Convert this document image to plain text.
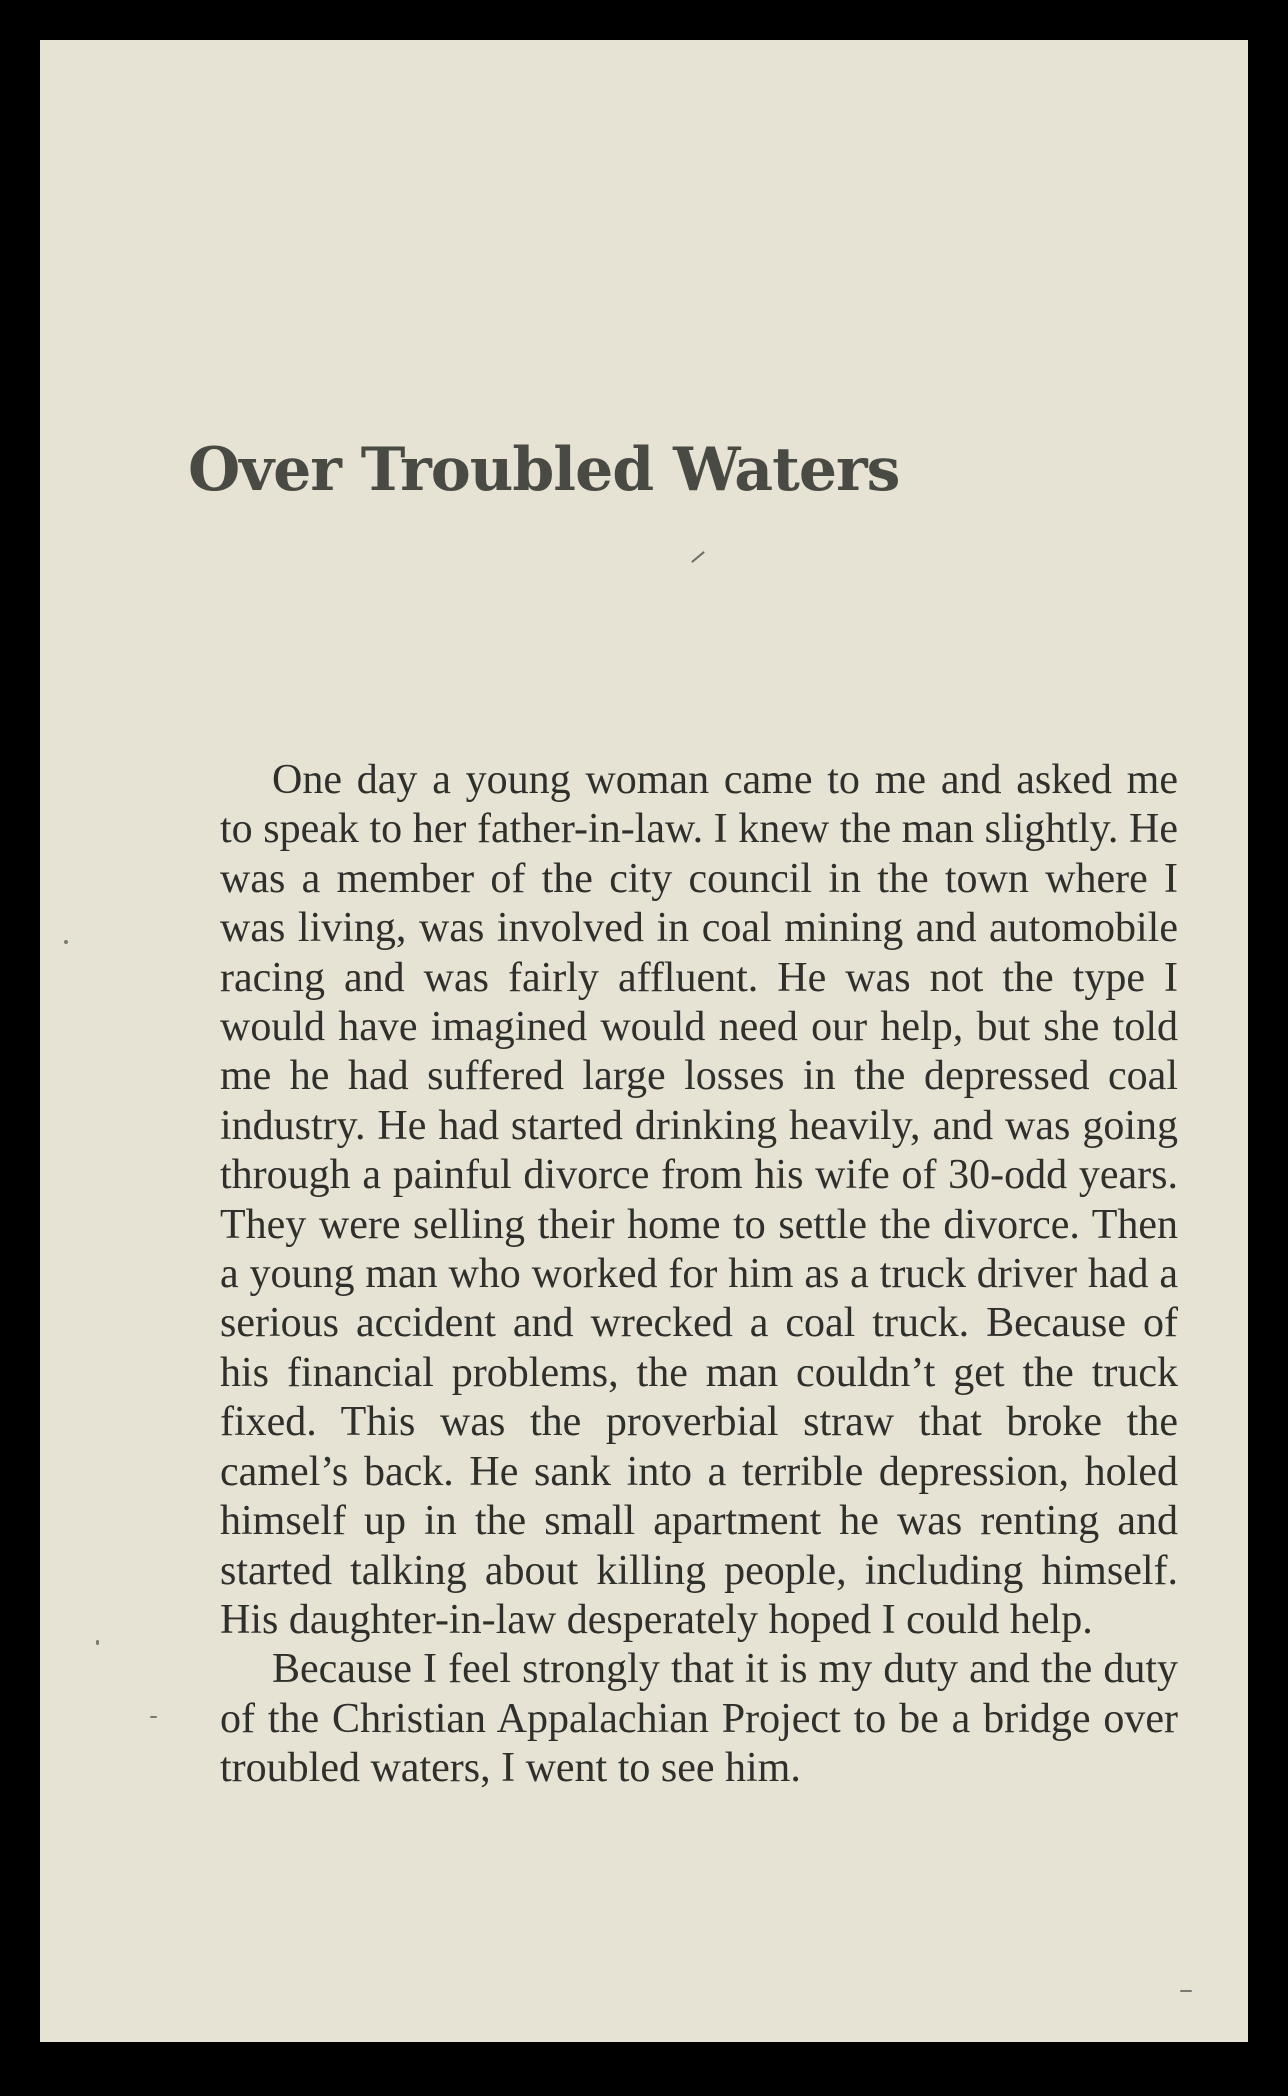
Over Troubled Waters

One day a young woman came to me and asked me to speak to her father-in-law. I knew the man slightly. He was a member of the city council in the town where I was living, was involved in coal mining and automobile racing and was fairly affluent. He was not the type I would have imagined would need our help, but she told me he had suffered large losses in the depressed coal industry. He had started drinking heavily, and was going through a painful divorce from his wife of 30-odd years. They were selling their home to settle the divorce. Then a young man who worked for him as a truck driver had a serious accident and wrecked a coal truck. Because of his financial problems, the man couldn’t get the truck fixed. This was the proverbial straw that broke the camel’s back. He sank into a terrible depression, holed himself up in the small apartment he was renting and started talking about killing people, including himself. His daughter-in-law desperately hoped I could help.

Because I feel strongly that it is my duty and the duty of the Christian Appalachian Project to be a bridge over troubled waters, I went to see him.
